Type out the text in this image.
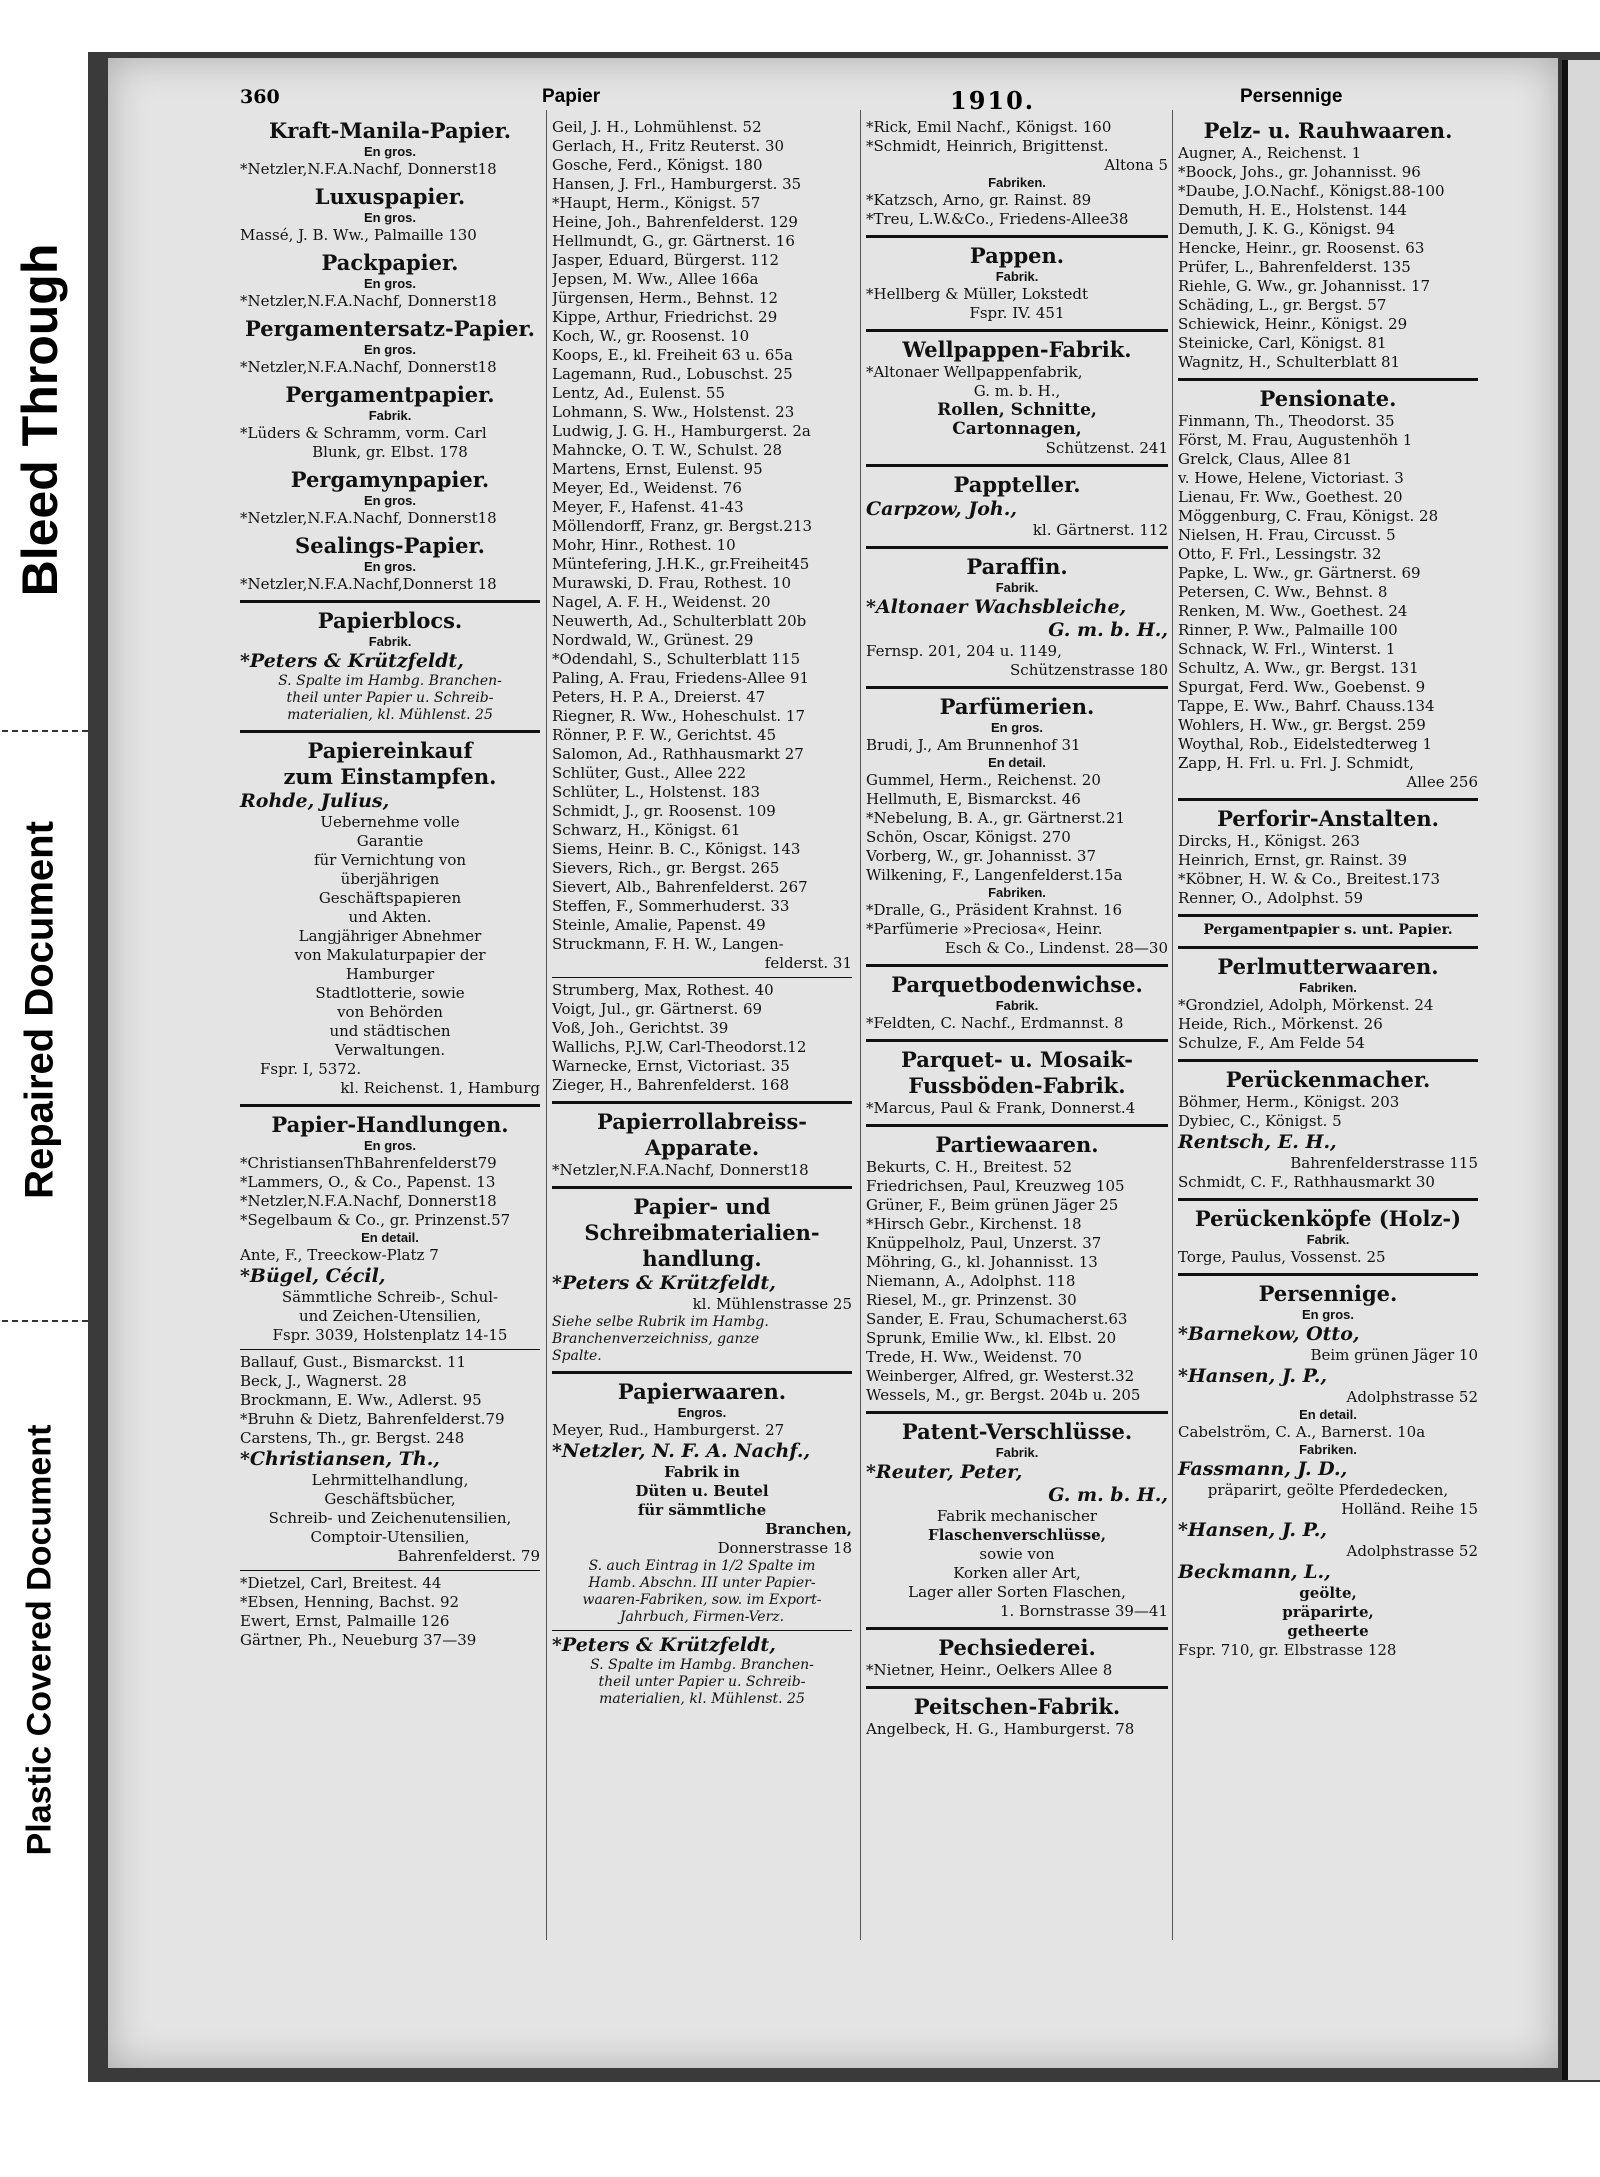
Bleed Through
Repaired Document
Plastic Covered Document
360	Papier	1910.	Persennige
Kraft-Manila-Papier.
En gros.
*Netzler,N.F.A.Nachf, Donnerst18
Luxuspapier.
En gros.
Massé, J. B. Ww., Palmaille 130
Packpapier.
En gros.
*Netzler,N.F.A.Nachf, Donnerst18
Pergamentersatz-Papier.
En gros.
*Netzler,N.F.A.Nachf, Donnerst18
Pergamentpapier.
Fabrik.
*Lüders & Schramm, vorm. Carl
Blunk, gr. Elbst. 178
Pergamynpapier.
En gros.
*Netzler,N.F.A.Nachf, Donnerst18
Sealings-Papier.
En gros.
*Netzler,N.F.A.Nachf,Donnerst 18
Papierblocs.
Fabrik.
*Peters & Krützfeldt,
S. Spalte im Hambg. Branchen-
theil unter Papier u. Schreib-
materialien, kl. Mühlenst. 25
Papiereinkauf
zum Einstampfen.
Rohde, Julius,
Uebernehme volle
Garantie
für Vernichtung von
überjährigen
Geschäftspapieren
und Akten.
Langjähriger Abnehmer
von Makulaturpapier der
Hamburger
Stadtlotterie, sowie
von Behörden
und städtischen
Verwaltungen.
Fspr. I, 5372.
kl. Reichenst. 1, Hamburg
Papier-Handlungen.
En gros.
*ChristiansenThBahrenfelderst79
*Lammers, O., & Co., Papenst. 13
*Netzler,N.F.A.Nachf, Donnerst18
*Segelbaum & Co., gr. Prinzenst.57
En detail.
Ante, F., Treeckow-Platz 7
*Bügel, Cécil,
Sämmtliche Schreib-, Schul-
und Zeichen-Utensilien,
Fspr. 3039, Holstenplatz 14-15
Ballauf, Gust., Bismarckst. 11
Beck, J., Wagnerst. 28
Brockmann, E. Ww., Adlerst. 95
*Bruhn & Dietz, Bahrenfelderst.79
Carstens, Th., gr. Bergst. 248
*Christiansen, Th.,
Lehrmittelhandlung,
Geschäftsbücher,
Schreib- und Zeichenutensilien,
Comptoir-Utensilien,
Bahrenfelderst. 79
*Dietzel, Carl, Breitest. 44
*Ebsen, Henning, Bachst. 92
Ewert, Ernst, Palmaille 126
Gärtner, Ph., Neueburg 37—39
Geil, J. H., Lohmühlenst. 52
Gerlach, H., Fritz Reuterst. 30
Gosche, Ferd., Königst. 180
Hansen, J. Frl., Hamburgerst. 35
*Haupt, Herm., Königst. 57
Heine, Joh., Bahrenfelderst. 129
Hellmundt, G., gr. Gärtnerst. 16
Jasper, Eduard, Bürgerst. 112
Jepsen, M. Ww., Allee 166a
Jürgensen, Herm., Behnst. 12
Kippe, Arthur, Friedrichst. 29
Koch, W., gr. Roosenst. 10
Koops, E., kl. Freiheit 63 u. 65a
Lagemann, Rud., Lobuschst. 25
Lentz, Ad., Eulenst. 55
Lohmann, S. Ww., Holstenst. 23
Ludwig, J. G. H., Hamburgerst. 2a
Mahncke, O. T. W., Schulst. 28
Martens, Ernst, Eulenst. 95
Meyer, Ed., Weidenst. 76
Meyer, F., Hafenst. 41-43
Möllendorff, Franz, gr. Bergst.213
Mohr, Hinr., Rothest. 10
Müntefering, J.H.K., gr.Freiheit45
Murawski, D. Frau, Rothest. 10
Nagel, A. F. H., Weidenst. 20
Neuwerth, Ad., Schulterblatt 20b
Nordwald, W., Grünest. 29
*Odendahl, S., Schulterblatt 115
Paling, A. Frau, Friedens-Allee 91
Peters, H. P. A., Dreierst. 47
Riegner, R. Ww., Hoheschulst. 17
Rönner, P. F. W., Gerichtst. 45
Salomon, Ad., Rathhausmarkt 27
Schlüter, Gust., Allee 222
Schlüter, L., Holstenst. 183
Schmidt, J., gr. Roosenst. 109
Schwarz, H., Königst. 61
Siems, Heinr. B. C., Königst. 143
Sievers, Rich., gr. Bergst. 265
Sievert, Alb., Bahrenfelderst. 267
Steffen, F., Sommerhuderst. 33
Steinle, Amalie, Papenst. 49
Struckmann, F. H. W., Langen-
felderst. 31
Strumberg, Max, Rothest. 40
Voigt, Jul., gr. Gärtnerst. 69
Voß, Joh., Gerichtst. 39
Wallichs, P.J.W, Carl-Theodorst.12
Warnecke, Ernst, Victoriast. 35
Zieger, H., Bahrenfelderst. 168
Papierrollabreiss-
Apparate.
*Netzler,N.F.A.Nachf, Donnerst18
Papier- und
Schreibmaterialien-
handlung.
*Peters & Krützfeldt,
kl. Mühlenstrasse 25
Siehe selbe Rubrik im Hambg.
Branchenverzeichniss, ganze
Spalte.
Papierwaaren.
Engros.
Meyer, Rud., Hamburgerst. 27
*Netzler, N. F. A. Nachf.,
Fabrik in
Düten u. Beutel
für sämmtliche
Branchen,
Donnerstrasse 18
S. auch Eintrag in 1/2 Spalte im
Hamb. Abschn. III unter Papier-
waaren-Fabriken, sow. im Export-
Jahrbuch, Firmen-Verz.
*Peters & Krützfeldt,
S. Spalte im Hambg. Branchen-
theil unter Papier u. Schreib-
materialien, kl. Mühlenst. 25
*Rick, Emil Nachf., Königst. 160
*Schmidt, Heinrich, Brigittenst.
Altona 5
Fabriken.
*Katzsch, Arno, gr. Rainst. 89
*Treu, L.W.&Co., Friedens-Allee38
Pappen.
Fabrik.
*Hellberg & Müller, Lokstedt
Fspr. IV. 451
Wellpappen-Fabrik.
*Altonaer Wellpappenfabrik,
G. m. b. H.,
Rollen, Schnitte,
Cartonnagen,
Schützenst. 241
Pappteller.
Carpzow, Joh.,
kl. Gärtnerst. 112
Paraffin.
Fabrik.
*Altonaer Wachsbleiche,
G. m. b. H.,
Fernsp. 201, 204 u. 1149,
Schützenstrasse 180
Parfümerien.
En gros.
Brudi, J., Am Brunnenhof 31
En detail.
Gummel, Herm., Reichenst. 20
Hellmuth, E, Bismarckst. 46
*Nebelung, B. A., gr. Gärtnerst.21
Schön, Oscar, Königst. 270
Vorberg, W., gr. Johannisst. 37
Wilkening, F., Langenfelderst.15a
Fabriken.
*Dralle, G., Präsident Krahnst. 16
*Parfümerie »Preciosa«, Heinr.
Esch & Co., Lindenst. 28—30
Parquetbodenwichse.
Fabrik.
*Feldten, C. Nachf., Erdmannst. 8
Parquet- u. Mosaik-
Fussböden-Fabrik.
*Marcus, Paul & Frank, Donnerst.4
Partiewaaren.
Bekurts, C. H., Breitest. 52
Friedrichsen, Paul, Kreuzweg 105
Grüner, F., Beim grünen Jäger 25
*Hirsch Gebr., Kirchenst. 18
Knüppelholz, Paul, Unzerst. 37
Möhring, G., kl. Johannisst. 13
Niemann, A., Adolphst. 118
Riesel, M., gr. Prinzenst. 30
Sander, E. Frau, Schumacherst.63
Sprunk, Emilie Ww., kl. Elbst. 20
Trede, H. Ww., Weidenst. 70
Weinberger, Alfred, gr. Westerst.32
Wessels, M., gr. Bergst. 204b u. 205
Patent-Verschlüsse.
Fabrik.
*Reuter, Peter,
G. m. b. H.,
Fabrik mechanischer
Flaschenverschlüsse,
sowie von
Korken aller Art,
Lager aller Sorten Flaschen,
1. Bornstrasse 39—41
Pechsiederei.
*Nietner, Heinr., Oelkers Allee 8
Peitschen-Fabrik.
Angelbeck, H. G., Hamburgerst. 78
Pelz- u. Rauhwaaren.
Augner, A., Reichenst. 1
*Boock, Johs., gr. Johannisst. 96
*Daube, J.O.Nachf., Königst.88-100
Demuth, H. E., Holstenst. 144
Demuth, J. K. G., Königst. 94
Hencke, Heinr., gr. Roosenst. 63
Prüfer, L., Bahrenfelderst. 135
Riehle, G. Ww., gr. Johannisst. 17
Schäding, L., gr. Bergst. 57
Schiewick, Heinr., Königst. 29
Steinicke, Carl, Königst. 81
Wagnitz, H., Schulterblatt 81
Pensionate.
Finmann, Th., Theodorst. 35
Först, M. Frau, Augustenhöh 1
Grelck, Claus, Allee 81
v. Howe, Helene, Victoriast. 3
Lienau, Fr. Ww., Goethest. 20
Möggenburg, C. Frau, Königst. 28
Nielsen, H. Frau, Circusst. 5
Otto, F. Frl., Lessingstr. 32
Papke, L. Ww., gr. Gärtnerst. 69
Petersen, C. Ww., Behnst. 8
Renken, M. Ww., Goethest. 24
Rinner, P. Ww., Palmaille 100
Schnack, W. Frl., Winterst. 1
Schultz, A. Ww., gr. Bergst. 131
Spurgat, Ferd. Ww., Goebenst. 9
Tappe, E. Ww., Bahrf. Chauss.134
Wohlers, H. Ww., gr. Bergst. 259
Woythal, Rob., Eidelstedterweg 1
Zapp, H. Frl. u. Frl. J. Schmidt,
Allee 256
Perforir-Anstalten.
Dircks, H., Königst. 263
Heinrich, Ernst, gr. Rainst. 39
*Köbner, H. W. & Co., Breitest.173
Renner, O., Adolphst. 59
Pergamentpapier s. unt. Papier.
Perlmutterwaaren.
Fabriken.
*Grondziel, Adolph, Mörkenst. 24
Heide, Rich., Mörkenst. 26
Schulze, F., Am Felde 54
Perückenmacher.
Böhmer, Herm., Königst. 203
Dybiec, C., Königst. 5
Rentsch, E. H.,
Bahrenfelderstrasse 115
Schmidt, C. F., Rathhausmarkt 30
Perückenköpfe (Holz-)
Fabrik.
Torge, Paulus, Vossenst. 25
Persennige.
En gros.
*Barnekow, Otto,
Beim grünen Jäger 10
*Hansen, J. P.,
Adolphstrasse 52
En detail.
Cabelström, C. A., Barnerst. 10a
Fabriken.
Fassmann, J. D.,
präparirt, geölte Pferdedecken,
Holländ. Reihe 15
*Hansen, J. P.,
Adolphstrasse 52
Beckmann, L.,
geölte,
präparirte,
getheerte
Fspr. 710, gr. Elbstrasse 128
